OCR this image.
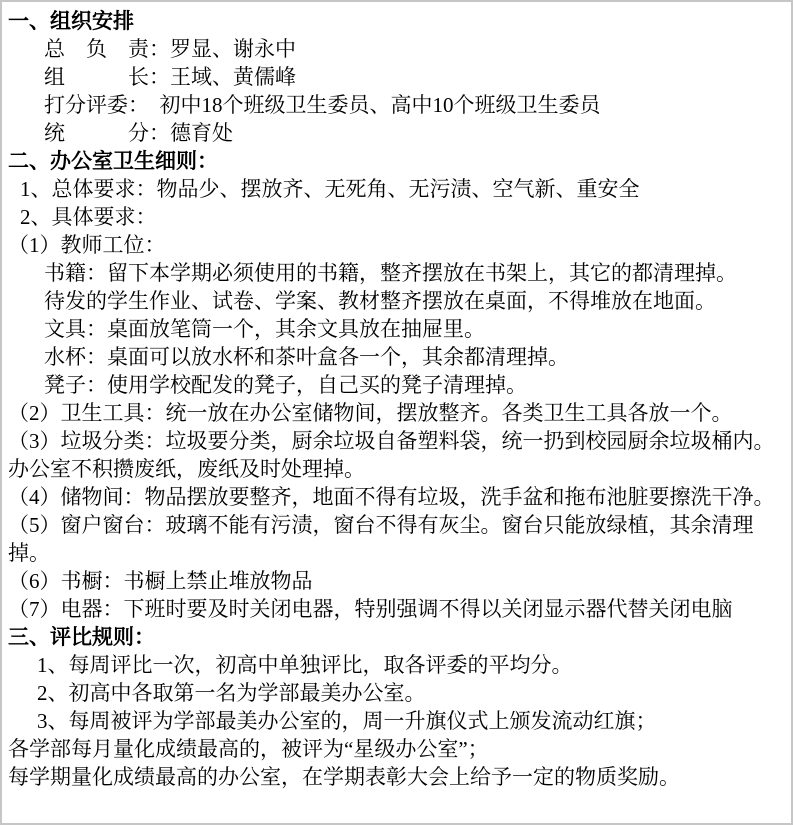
一、组织安排
总　负　责：罗显、谢永中
组　　　长：王域、黄儒峰
打分评委：　初中18个班级卫生委员、高中10个班级卫生委员
统　　　分：德育处
二、办公室卫生细则：
1、总体要求：物品少、摆放齐、无死角、无污渍、空气新、重安全
2、具体要求：
（1）教师工位：
书籍：留下本学期必须使用的书籍，整齐摆放在书架上，其它的都清理掉。
待发的学生作业、试卷、学案、教材整齐摆放在桌面，不得堆放在地面。
文具：桌面放笔筒一个，其余文具放在抽屉里。
水杯：桌面可以放水杯和茶叶盒各一个，其余都清理掉。
凳子：使用学校配发的凳子，自己买的凳子清理掉。
（2）卫生工具：统一放在办公室储物间，摆放整齐。各类卫生工具各放一个。
（3）垃圾分类：垃圾要分类，厨余垃圾自备塑料袋，统一扔到校园厨余垃圾桶内。办公室不积攒废纸，废纸及时处理掉。
（4）储物间：物品摆放要整齐，地面不得有垃圾，洗手盆和拖布池脏要擦洗干净。
（5）窗户窗台：玻璃不能有污渍，窗台不得有灰尘。窗台只能放绿植，其余清理掉。
（6）书橱：书橱上禁止堆放物品
（7）电器：下班时要及时关闭电器，特别强调不得以关闭显示器代替关闭电脑
三、评比规则：
1、每周评比一次，初高中单独评比，取各评委的平均分。
2、初高中各取第一名为学部最美办公室。
3、每周被评为学部最美办公室的，周一升旗仪式上颁发流动红旗；
各学部每月量化成绩最高的，被评为“星级办公室”；
每学期量化成绩最高的办公室，在学期表彰大会上给予一定的物质奖励。
